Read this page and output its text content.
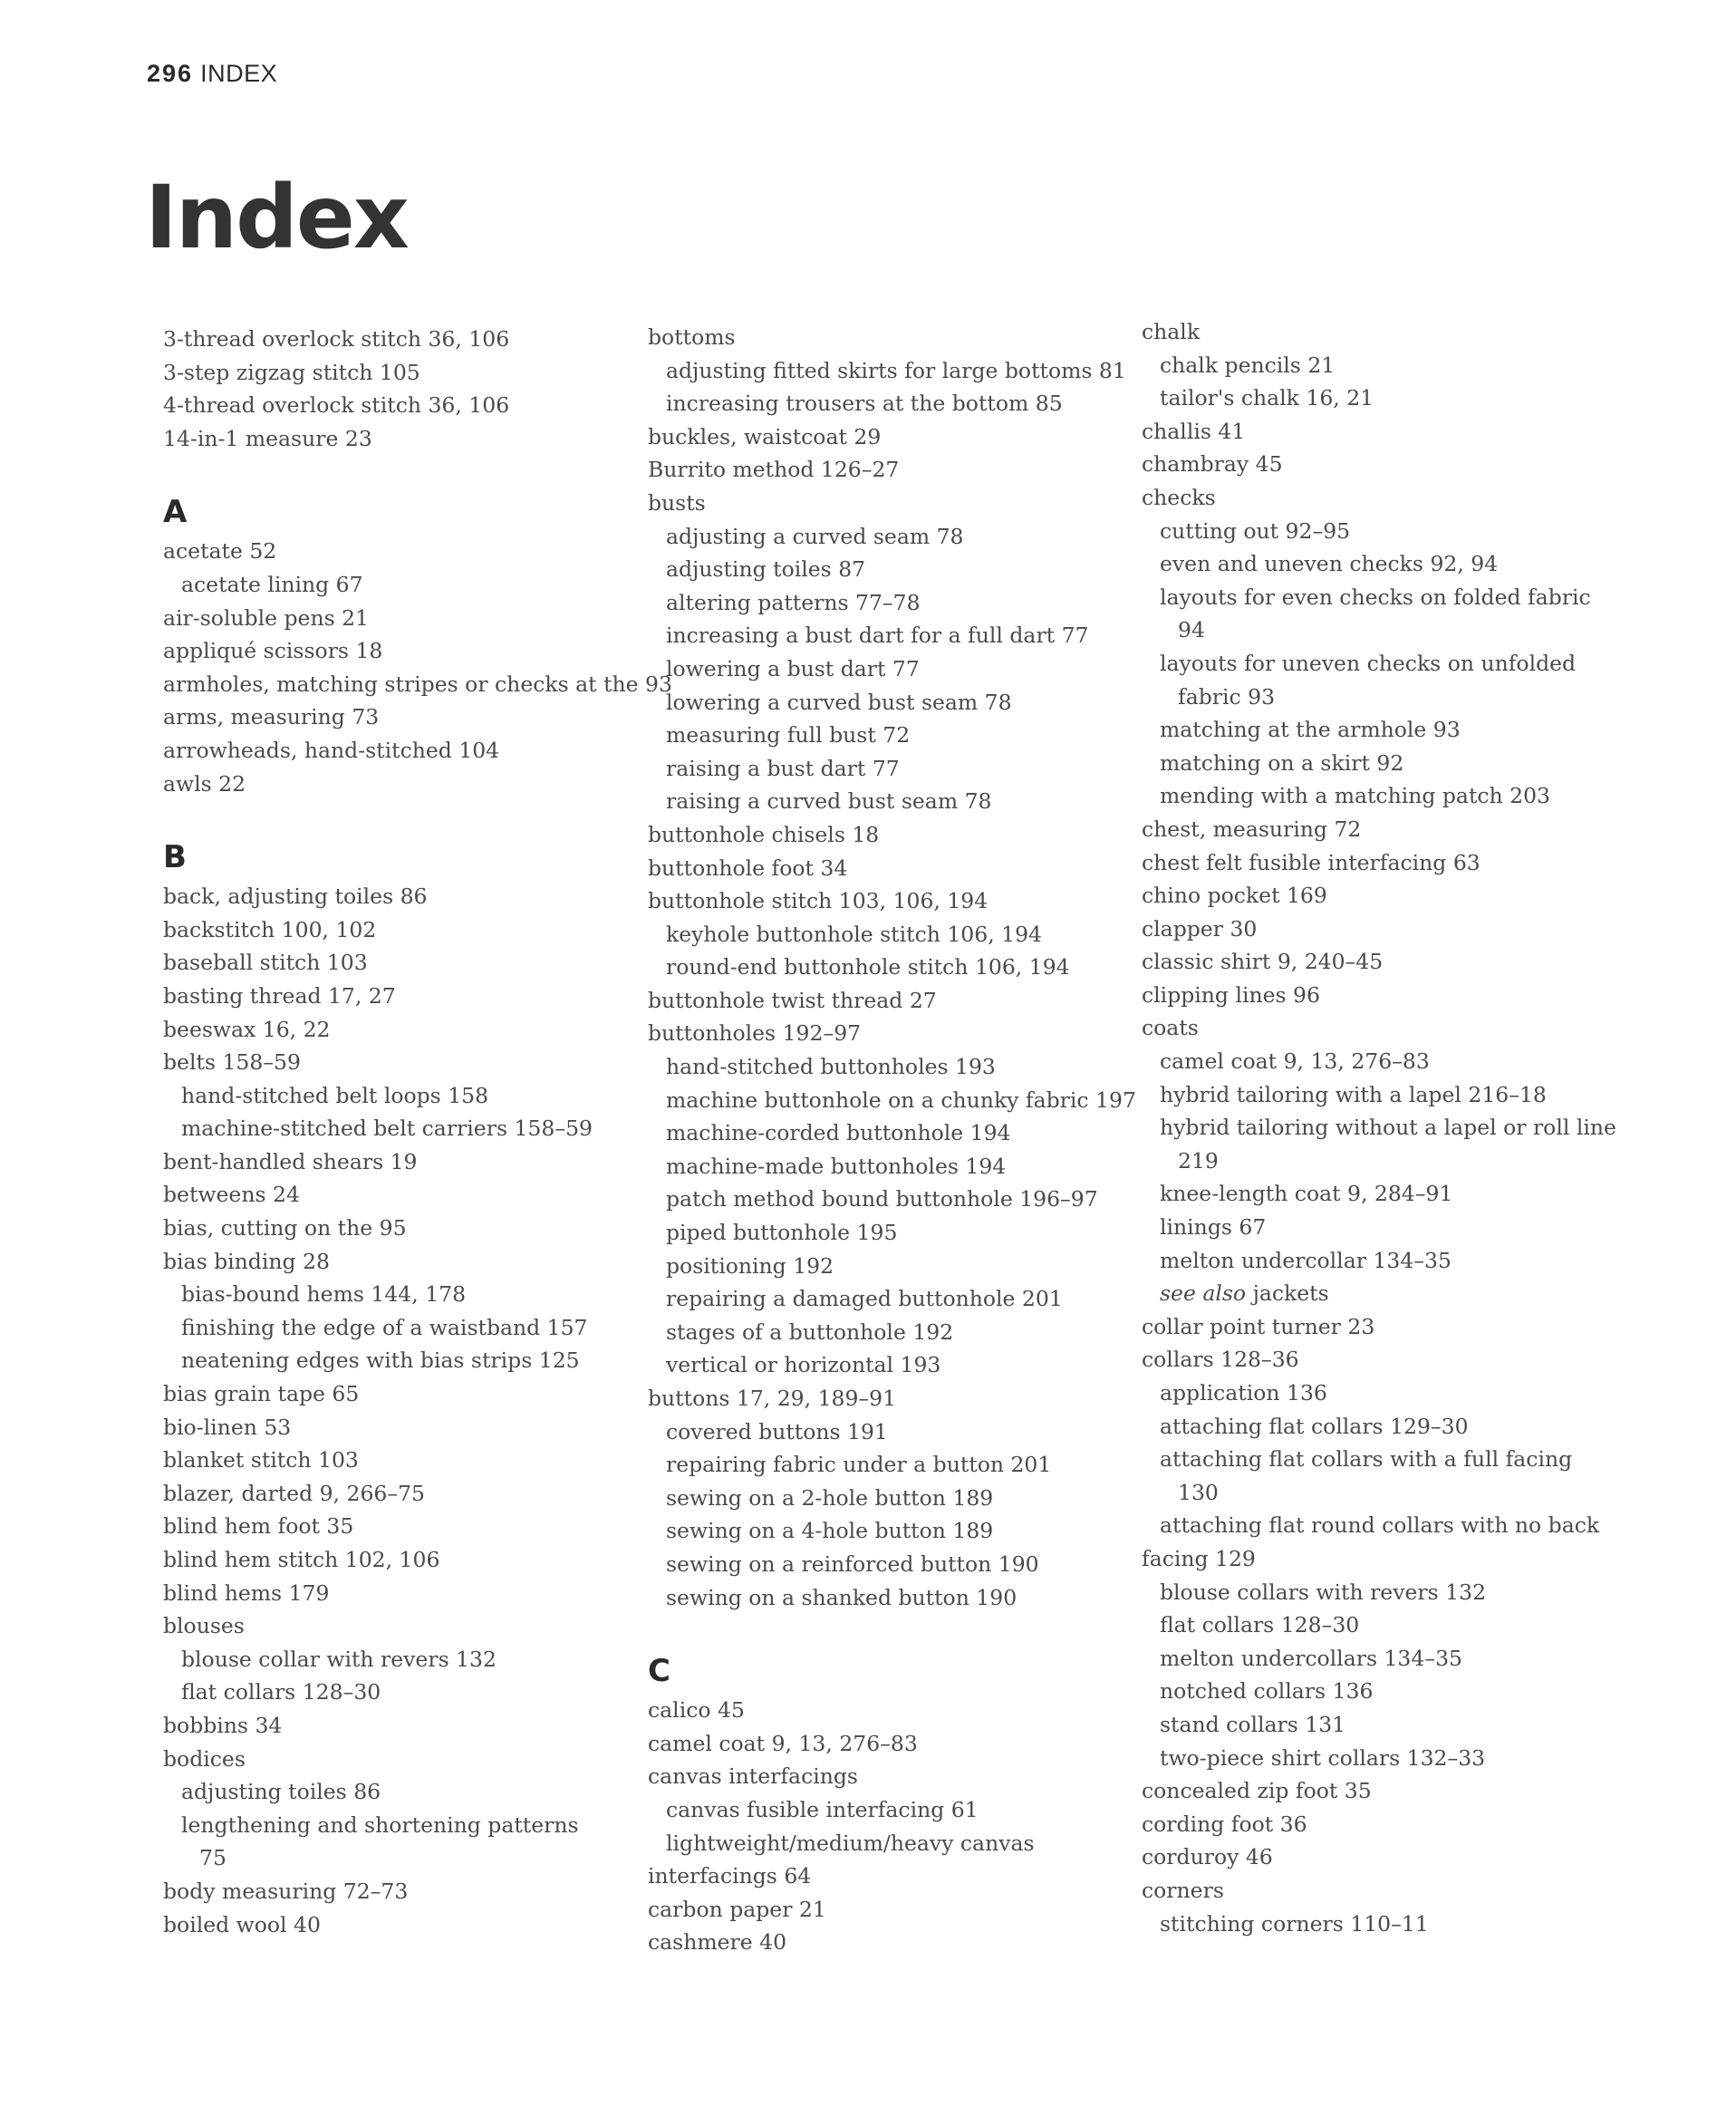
296 INDEX
Index
3-thread overlock stitch 36, 106
3-step zigzag stitch 105
4-thread overlock stitch 36, 106
14-in-1 measure 23
A
acetate 52
acetate lining 67
air-soluble pens 21
appliqué scissors 18
armholes, matching stripes or checks at the 93
arms, measuring 73
arrowheads, hand-stitched 104
awls 22
B
back, adjusting toiles 86
backstitch 100, 102
baseball stitch 103
basting thread 17, 27
beeswax 16, 22
belts 158–59
hand-stitched belt loops 158
machine-stitched belt carriers 158–59
bent-handled shears 19
betweens 24
bias, cutting on the 95
bias binding 28
bias-bound hems 144, 178
finishing the edge of a waistband 157
neatening edges with bias strips 125
bias grain tape 65
bio-linen 53
blanket stitch 103
blazer, darted 9, 266–75
blind hem foot 35
blind hem stitch 102, 106
blind hems 179
blouses
blouse collar with revers 132
flat collars 128–30
bobbins 34
bodices
adjusting toiles 86
lengthening and shortening patterns
75
body measuring 72–73
boiled wool 40
bottoms
adjusting fitted skirts for large bottoms 81
increasing trousers at the bottom 85
buckles, waistcoat 29
Burrito method 126–27
busts
adjusting a curved seam 78
adjusting toiles 87
altering patterns 77–78
increasing a bust dart for a full dart 77
lowering a bust dart 77
lowering a curved bust seam 78
measuring full bust 72
raising a bust dart 77
raising a curved bust seam 78
buttonhole chisels 18
buttonhole foot 34
buttonhole stitch 103, 106, 194
keyhole buttonhole stitch 106, 194
round-end buttonhole stitch 106, 194
buttonhole twist thread 27
buttonholes 192–97
hand-stitched buttonholes 193
machine buttonhole on a chunky fabric 197
machine-corded buttonhole 194
machine-made buttonholes 194
patch method bound buttonhole 196–97
piped buttonhole 195
positioning 192
repairing a damaged buttonhole 201
stages of a buttonhole 192
vertical or horizontal 193
buttons 17, 29, 189–91
covered buttons 191
repairing fabric under a button 201
sewing on a 2-hole button 189
sewing on a 4-hole button 189
sewing on a reinforced button 190
sewing on a shanked button 190
C
calico 45
camel coat 9, 13, 276–83
canvas interfacings
canvas fusible interfacing 61
lightweight/medium/heavy canvas
interfacings 64
carbon paper 21
cashmere 40
chalk
chalk pencils 21
tailor's chalk 16, 21
challis 41
chambray 45
checks
cutting out 92–95
even and uneven checks 92, 94
layouts for even checks on folded fabric
94
layouts for uneven checks on unfolded
fabric 93
matching at the armhole 93
matching on a skirt 92
mending with a matching patch 203
chest, measuring 72
chest felt fusible interfacing 63
chino pocket 169
clapper 30
classic shirt 9, 240–45
clipping lines 96
coats
camel coat 9, 13, 276–83
hybrid tailoring with a lapel 216–18
hybrid tailoring without a lapel or roll line
219
knee-length coat 9, 284–91
linings 67
melton undercollar 134–35
see also jackets
collar point turner 23
collars 128–36
application 136
attaching flat collars 129–30
attaching flat collars with a full facing
130
attaching flat round collars with no back
facing 129
blouse collars with revers 132
flat collars 128–30
melton undercollars 134–35
notched collars 136
stand collars 131
two-piece shirt collars 132–33
concealed zip foot 35
cording foot 36
corduroy 46
corners
stitching corners 110–11
